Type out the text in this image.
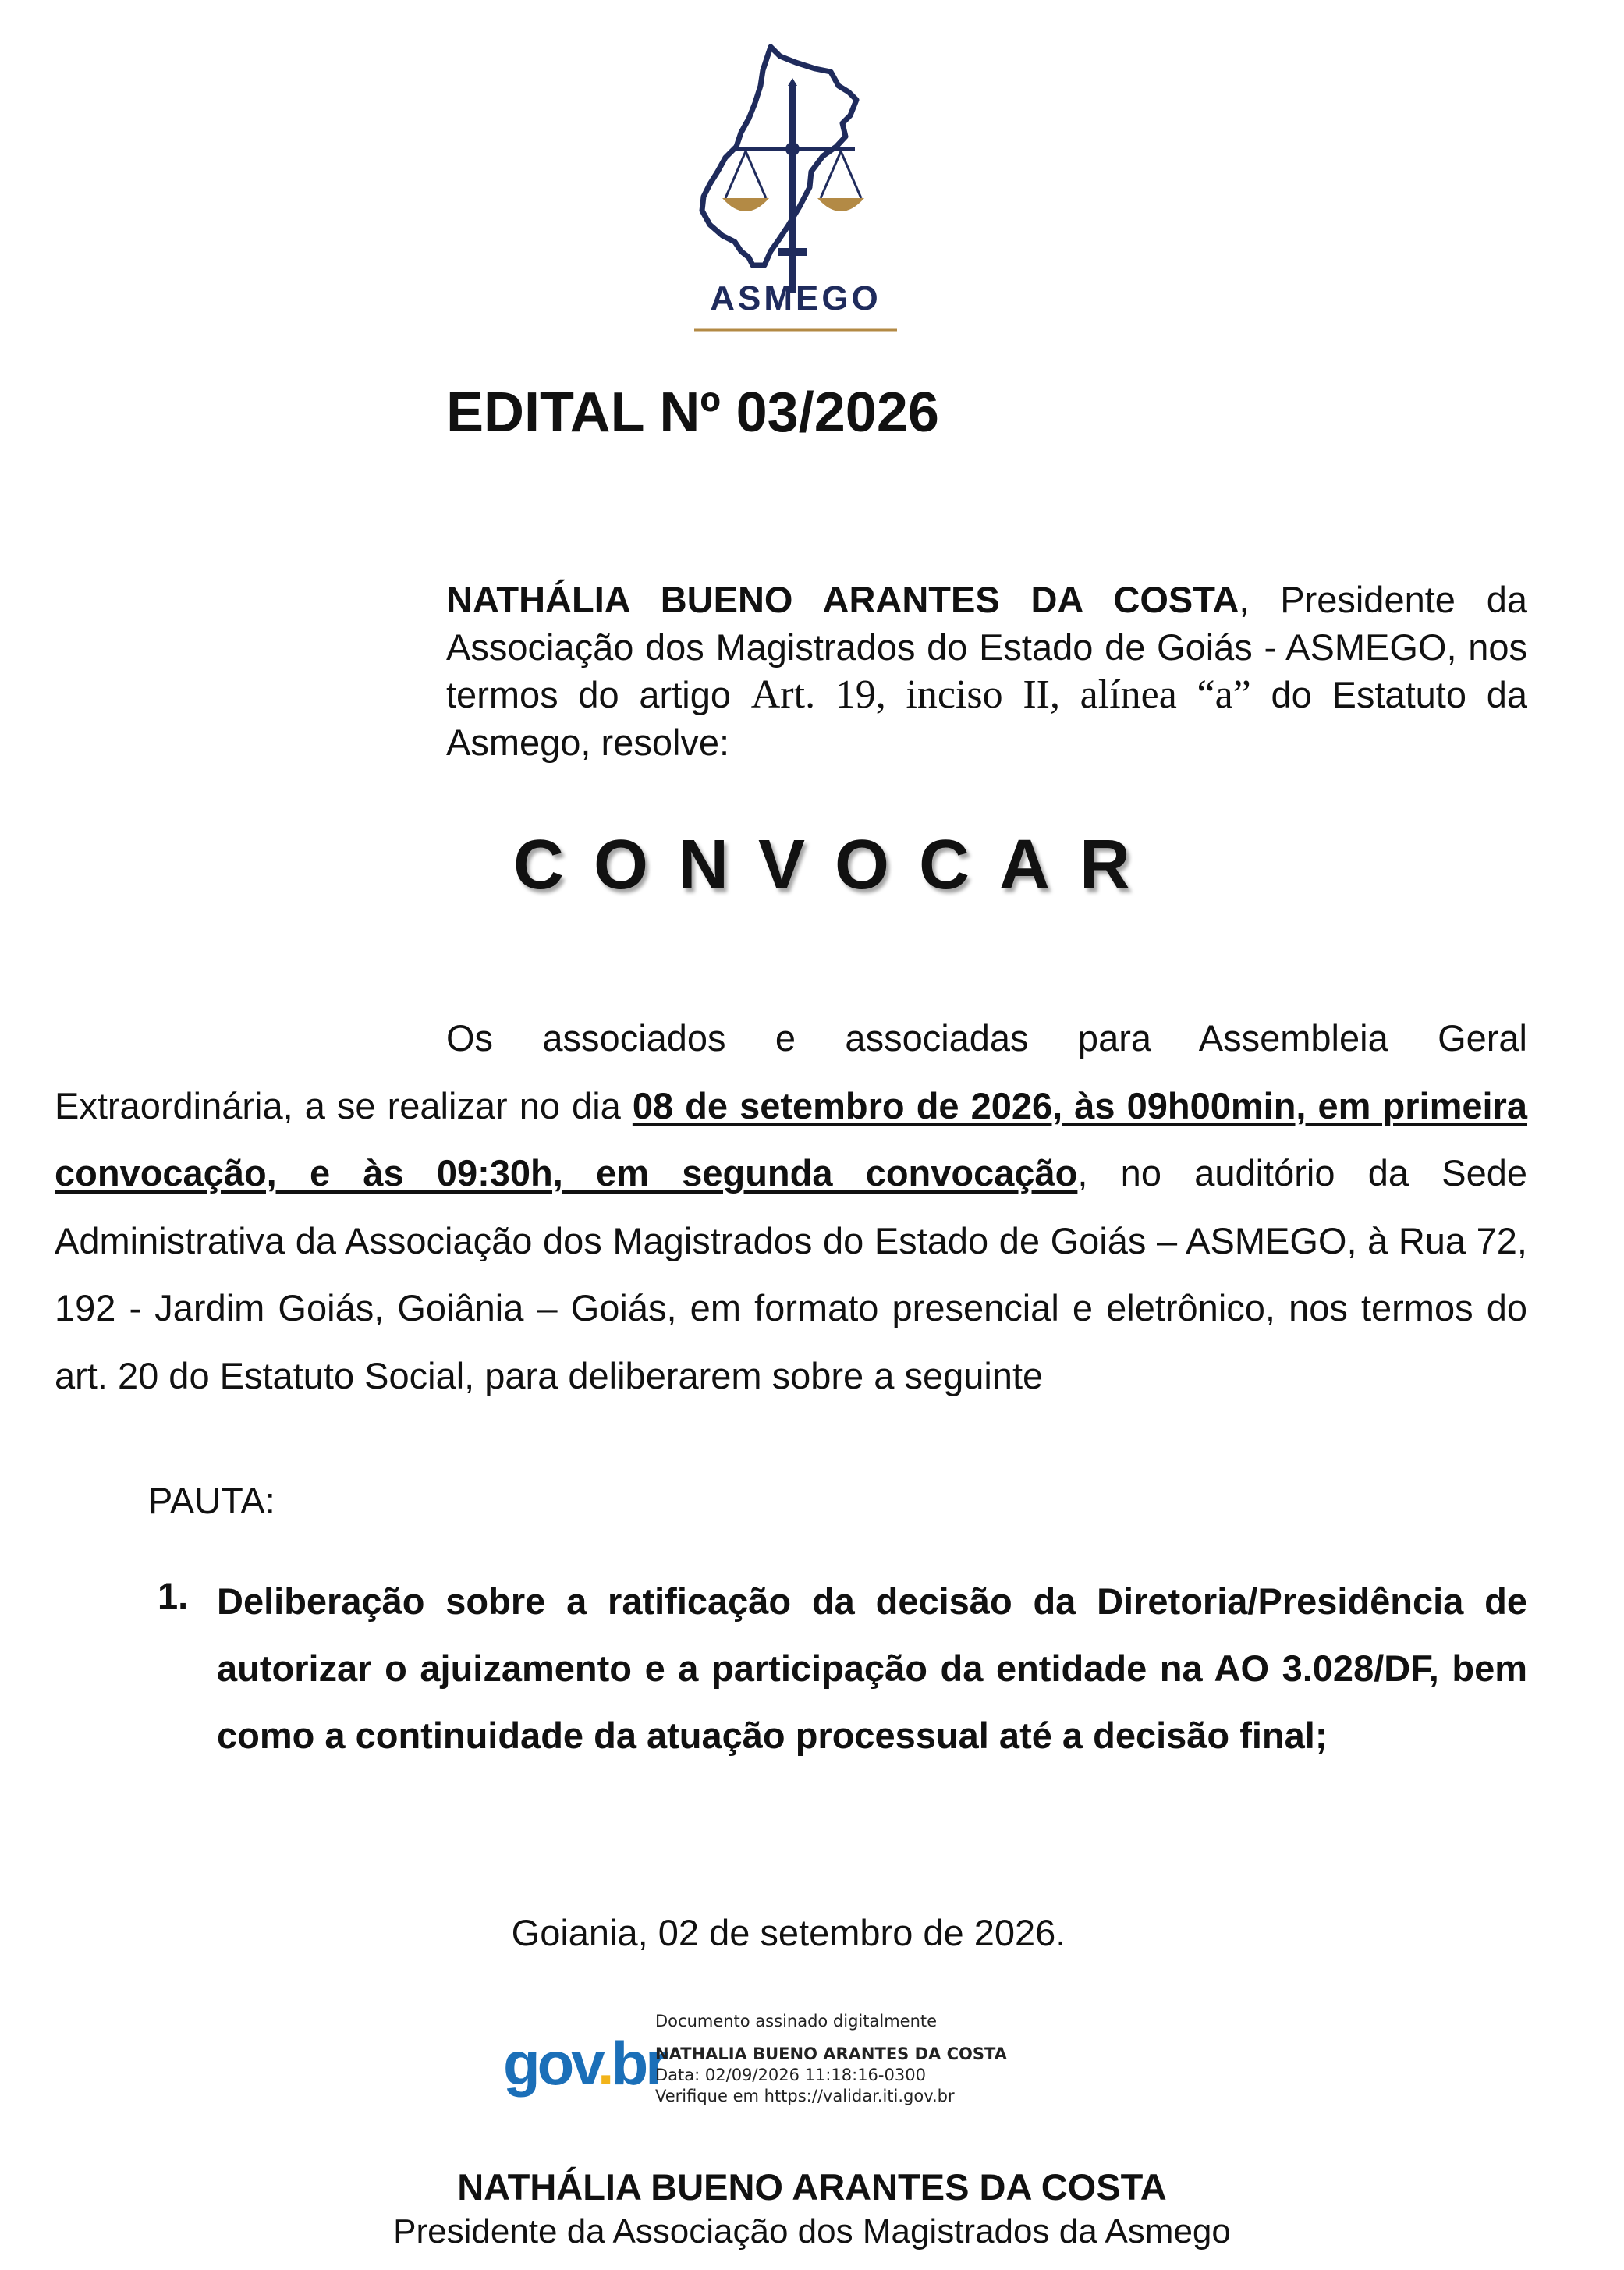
ASMEGO
EDITAL Nº 03/2026
NATHÁLIA BUENO ARANTES DA COSTA, Presidente da Associação dos Magistrados do Estado de Goiás - ASMEGO, nos termos do artigo Art. 19, inciso II, alínea “a” do Estatuto da Asmego, resolve:
CONVOCAR
Os associados e associadas para Assembleia Geral Extraordinária, a se realizar no dia 08 de setembro de 2026, às 09h00min, em primeira convocação, e às 09:30h, em segunda convocação, no auditório da Sede Administrativa da Associação dos Magistrados do Estado de Goiás – ASMEGO, à Rua 72, 192 - Jardim Goiás, Goiânia – Goiás, em formato presencial e eletrônico, nos termos do art. 20 do Estatuto Social, para deliberarem sobre a seguinte
PAUTA:
1. Deliberação sobre a ratificação da decisão da Diretoria/Presidência de autorizar o ajuizamento e a participação da entidade na AO 3.028/DF, bem como a continuidade da atuação processual até a decisão final;
Goiania, 02 de setembro de 2026.
gov.br
Documento assinado digitalmente
NATHALIA BUENO ARANTES DA COSTA
Data: 02/09/2026 11:18:16-0300
Verifique em https://validar.iti.gov.br
NATHÁLIA BUENO ARANTES DA COSTA
Presidente da Associação dos Magistrados da Asmego
